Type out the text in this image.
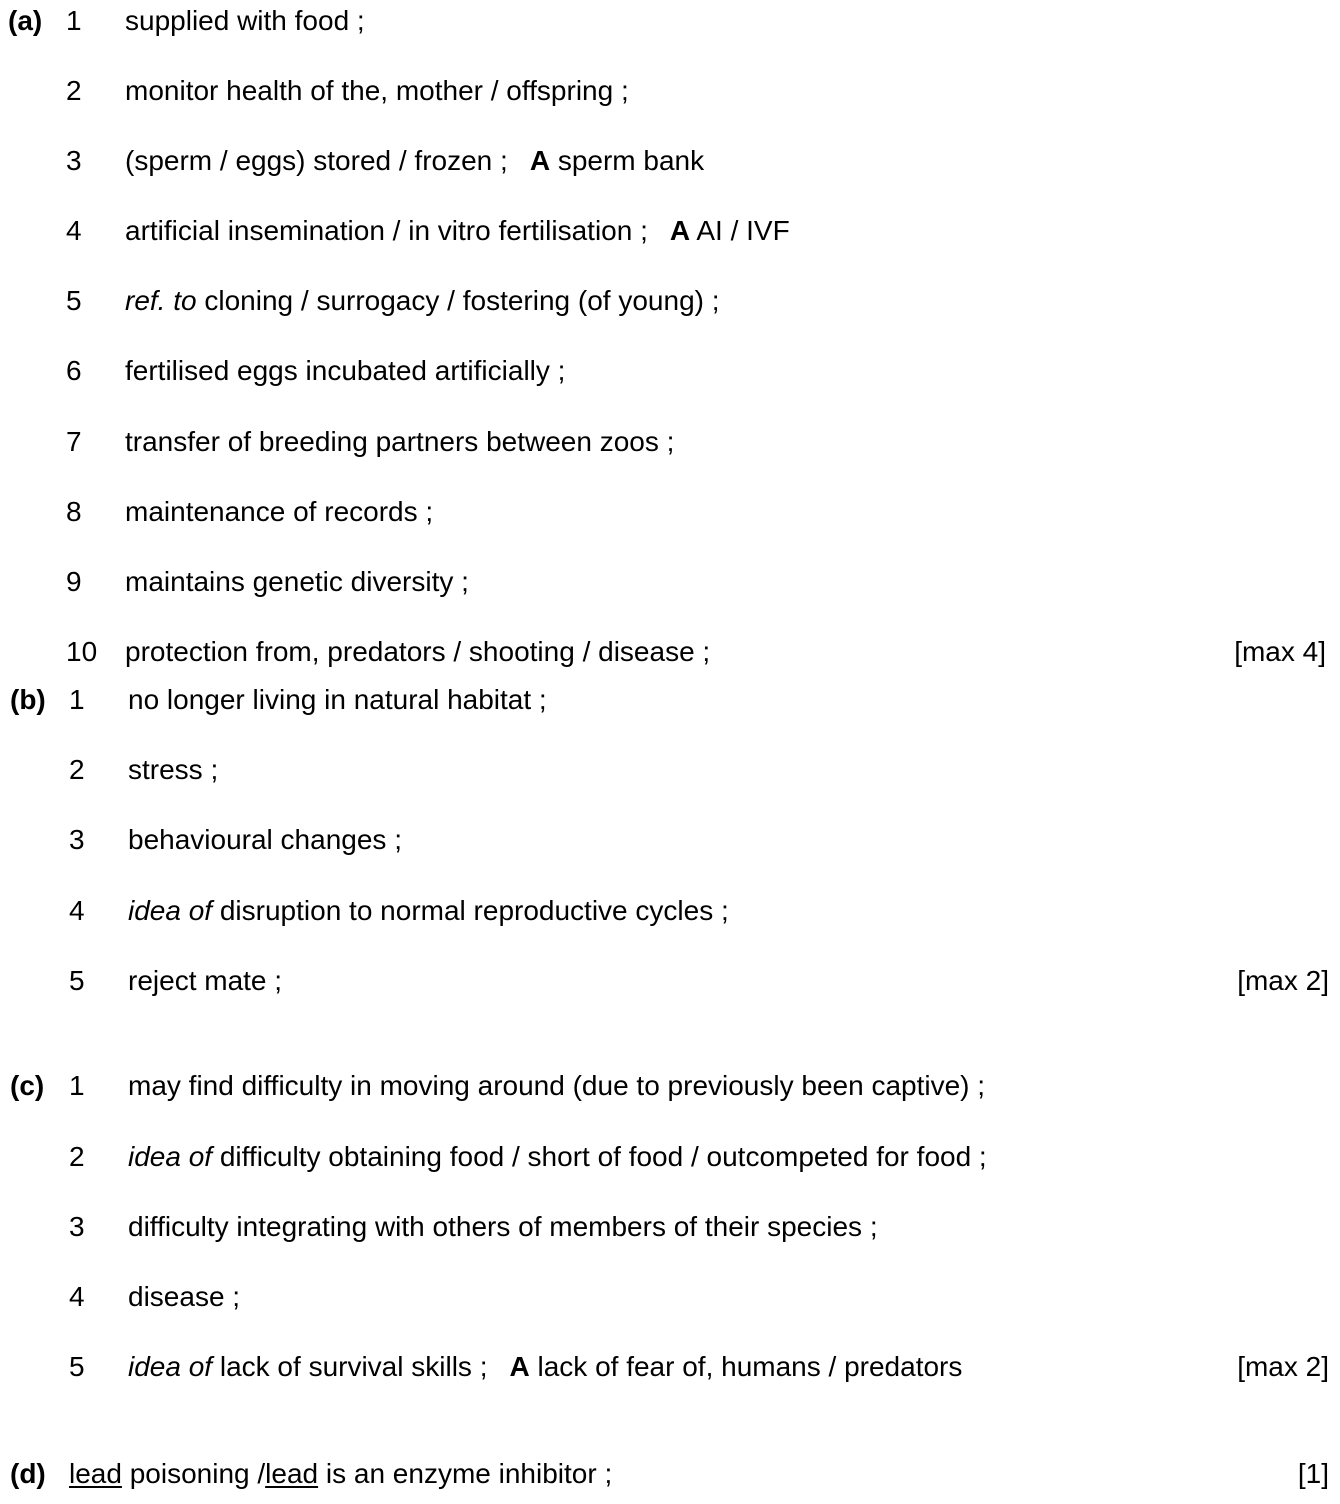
(a) 1 supplied with food ;
2 monitor health of the, mother / offspring ;
3 (sperm / eggs) stored / frozen ; A sperm bank
4 artificial insemination / in vitro fertilisation ; A AI / IVF
5 ref. to cloning / surrogacy / fostering (of young) ;
6 fertilised eggs incubated artificially ;
7 transfer of breeding partners between zoos ;
8 maintenance of records ;
9 maintains genetic diversity ;
10 protection from, predators / shooting / disease ;	[max 4]
(b) 1 no longer living in natural habitat ;
2 stress ;
3 behavioural changes ;
4 idea of disruption to normal reproductive cycles ;
5 reject mate ;	[max 2]
(c) 1 may find difficulty in moving around (due to previously been captive) ;
2 idea of difficulty obtaining food / short of food / outcompeted for food ;
3 difficulty integrating with others of members of their species ;
4 disease ;
5 idea of lack of survival skills ; A lack of fear of, humans / predators	[max 2]
(d) lead poisoning /lead is an enzyme inhibitor ;	[1]
